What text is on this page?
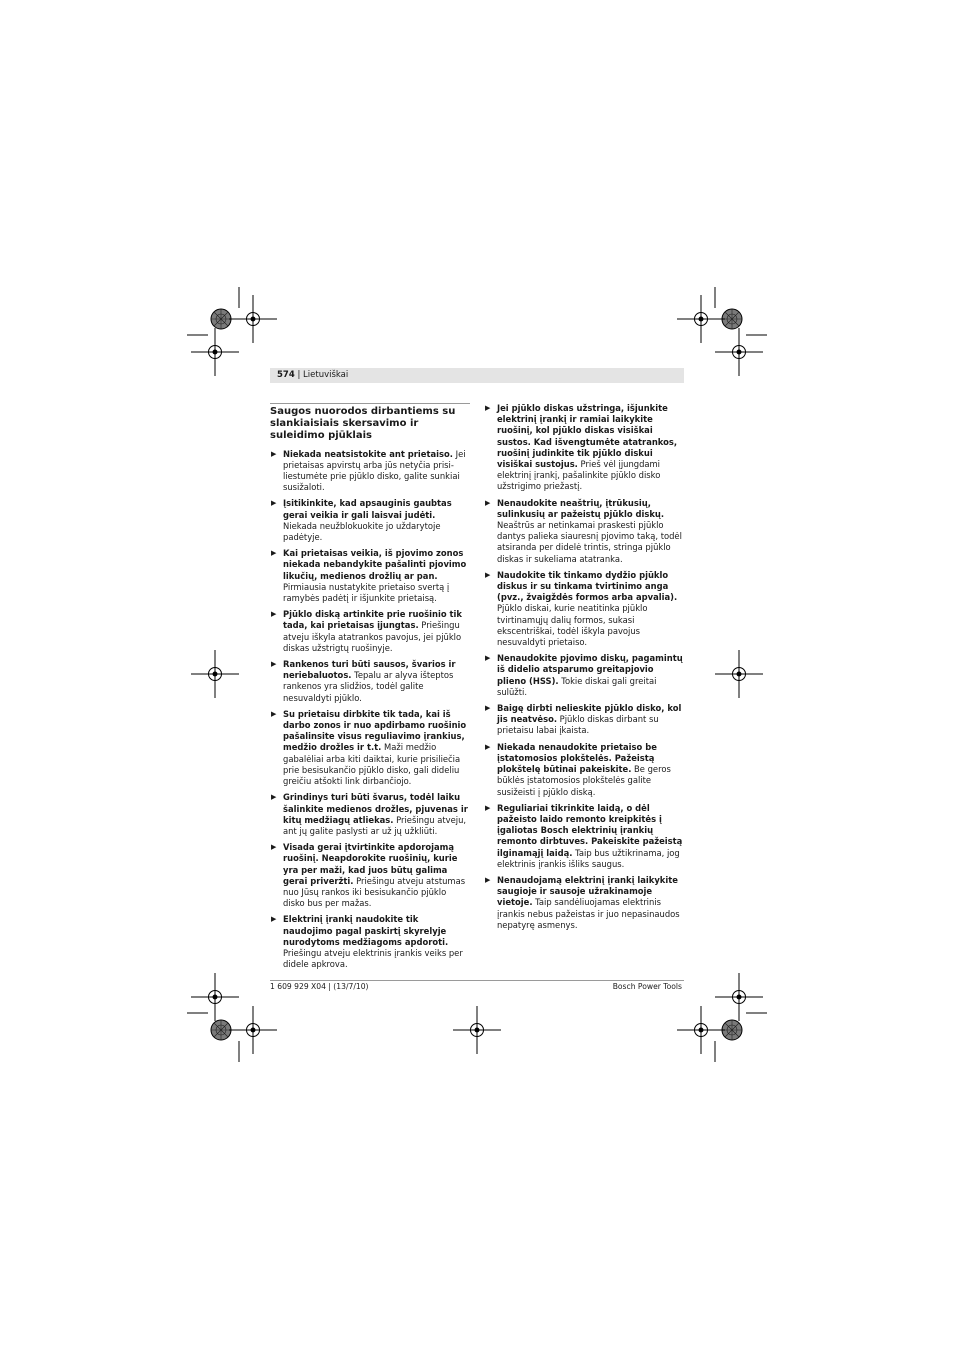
574 | Lietuviškai
Saugos nuorodos dirbantiems su slankiaisiais skersavimo ir suleidimo pjūklais
▶ Niekada neatsistokite ant prietaiso. Jei prietaisas apvirstų arba jūs netyčia prisiliestumėte prie pjūklo disko, galite sunkiai susižaloti.
▶ Įsitikinkite, kad apsauginis gaubtas gerai veikia ir gali laisvai judėti. Niekada neužblokuokite jo uždarytoje padėtyje.
▶ Kai prietaisas veikia, iš pjovimo zonos niekada nebandykite pašalinti pjovimo likučių, medienos drožlių ar pan. Pirmiausia nustatykite prietaiso svertą į ramybės padėtį ir išjunkite prietaisą.
▶ Pjūklo diską artinkite prie ruošinio tik tada, kai prietaisas įjungtas. Priešingu atveju iškyla atatrankos pavojus, jei pjūklo diskas užstrigtų ruošinyje.
▶ Rankenos turi būti sausos, švarios ir neriebaluotos. Tepalu ar alyva išteptos rankenos yra slidžios, todėl galite nesuvaldyti pjūklo.
▶ Su prietaisu dirbkite tik tada, kai iš darbo zonos ir nuo apdirbamo ruošinio pašalinsite visus reguliavimo įrankius, medžio drožles ir t.t. Maži medžio gabalėliai arba kiti daiktai, kurie prisiliečia prie besisukančio pjūklo disko, gali dideliu greičiu atšokti link dirbančiojo.
▶ Grindinys turi būti švarus, todėl laiku šalinkite medienos drožles, pjuvenas ir kitų medžiagų atliekas. Priešingu atveju, ant jų galite paslysti ar už jų užkliūti.
▶ Visada gerai įtvirtinkite apdorojamą ruošinį. Neapdorokite ruošinių, kurie yra per maži, kad juos būtų galima gerai priveržti. Priešingu atveju atstumas nuo Jūsų rankos iki besisukančio pjūklo disko bus per mažas.
▶ Elektrinį įrankį naudokite tik naudojimo pagal paskirtį skyrelyje nurodytoms medžiagoms apdoroti. Priešingu atveju elektrinis įrankis veiks per didele apkrova.
▶ Jei pjūklo diskas užstringa, išjunkite elektrinį įrankį ir ramiai laikykite ruošinį, kol pjūklo diskas visiškai sustos. Kad išvengtumėte atatrankos, ruošinį judinkite tik pjūklo diskui visiškai sustojus. Prieš vėl įjungdami elektrinį įrankį, pašalinkite pjūklo disko užstrigimo priežastį.
▶ Nenaudokite neaštrių, įtrūkusių, sulinkusių ar pažeistų pjūklo diskų. Neaštrūs ar netinkamai praskesti pjūklo dantys palieka siauresnį pjovimo taką, todėl atsiranda per didelė trintis, stringa pjūklo diskas ir sukeliama atatranka.
▶ Naudokite tik tinkamo dydžio pjūklo diskus ir su tinkama tvirtinimo anga (pvz., žvaigždės formos arba apvalia). Pjūklo diskai, kurie neatitinka pjūklo tvirtinamųjų dalių formos, sukasi ekscentriškai, todėl iškyla pavojus nesuvaldyti prietaiso.
▶ Nenaudokite pjovimo diskų, pagamintų iš didelio atsparumo greitapjovio plieno (HSS). Tokie diskai gali greitai sulūžti.
▶ Baigę dirbti nelieskite pjūklo disko, kol jis neatvėso. Pjūklo diskas dirbant su prietaisu labai įkaista.
▶ Niekada nenaudokite prietaiso be įstatomosios plokštelės. Pažeistą plokštelę būtinai pakeiskite. Be geros būklės įstatomosios plokštelės galite susižeisti į pjūklo diską.
▶ Reguliariai tikrinkite laidą, o dėl pažeisto laido remonto kreipkitės į įgaliotas Bosch elektrinių įrankių remonto dirbtuves. Pakeiskite pažeistą ilginamąjį laidą. Taip bus užtikrinama, jog elektrinis įrankis išliks saugus.
▶ Nenaudojamą elektrinį įrankį laikykite saugioje ir sausoje užrakinamoje vietoje. Taip sandėliuojamas elektrinis įrankis nebus pažeistas ir juo nepasinaudos nepatyrę asmenys.
1 609 929 X04 | (13/7/10)	Bosch Power Tools
